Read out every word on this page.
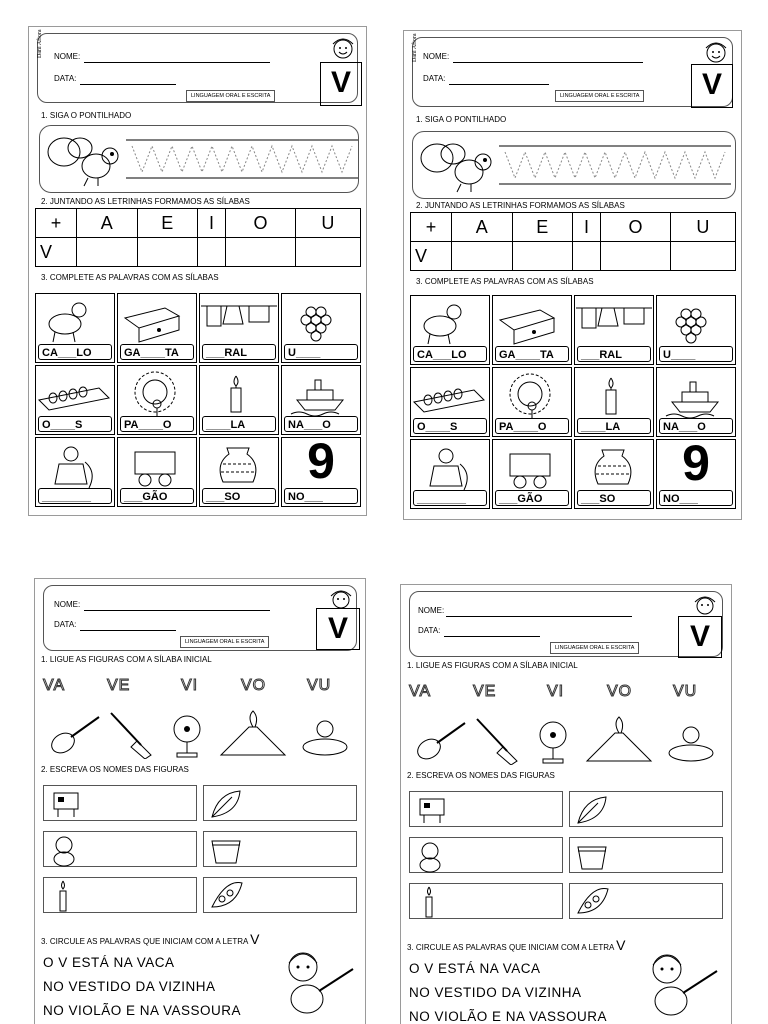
Dani Afiora NOME:
DATA:
LINGUAGEM ORAL E ESCRITA	V
1. SIGA O PONTILHADO
2. JUNTANDO AS LETRINHAS FORMAMOS AS SÍLABAS
+	A	E	I	O	U
V					
3. COMPLETE AS PALAVRAS COM AS SÍLABAS
CA___LO	GA____TA	___RAL	U____
O____S	PA____O	____LA	NA___O
________	___GÃO	___SO
9
NO___
Dani Afiora NOME:
DATA:
LINGUAGEM ORAL E ESCRITA	V
1. SIGA O PONTILHADO
2. JUNTANDO AS LETRINHAS FORMAMOS AS SÍLABAS
+	A	E	I	O	U
V					
3. COMPLETE AS PALAVRAS COM AS SÍLABAS
CA___LO	GA____TA	___RAL	U____
O____S	PA____O	____LA	NA___O
________	___GÃO	___SO
9
NO___
NOME:
DATA:
LINGUAGEM ORAL E ESCRITA	V
1. LIGUE AS FIGURAS COM A SÍLABA INICIAL
VA	VE	VI	VO	VU
2. ESCREVA OS NOMES DAS FIGURAS
3. CIRCULE AS PALAVRAS QUE INICIAM COM A LETRA V
O V ESTÁ NA VACA
NO VESTIDO DA VIZINHA
NO VIOLÃO E NA VASSOURA
NOME:
DATA:
LINGUAGEM ORAL E ESCRITA	V
1. LIGUE AS FIGURAS COM A SÍLABA INICIAL
VA	VE	VI	VO	VU
2. ESCREVA OS NOMES DAS FIGURAS
3. CIRCULE AS PALAVRAS QUE INICIAM COM A LETRA V
O V ESTÁ NA VACA
NO VESTIDO DA VIZINHA
NO VIOLÃO E NA VASSOURA
